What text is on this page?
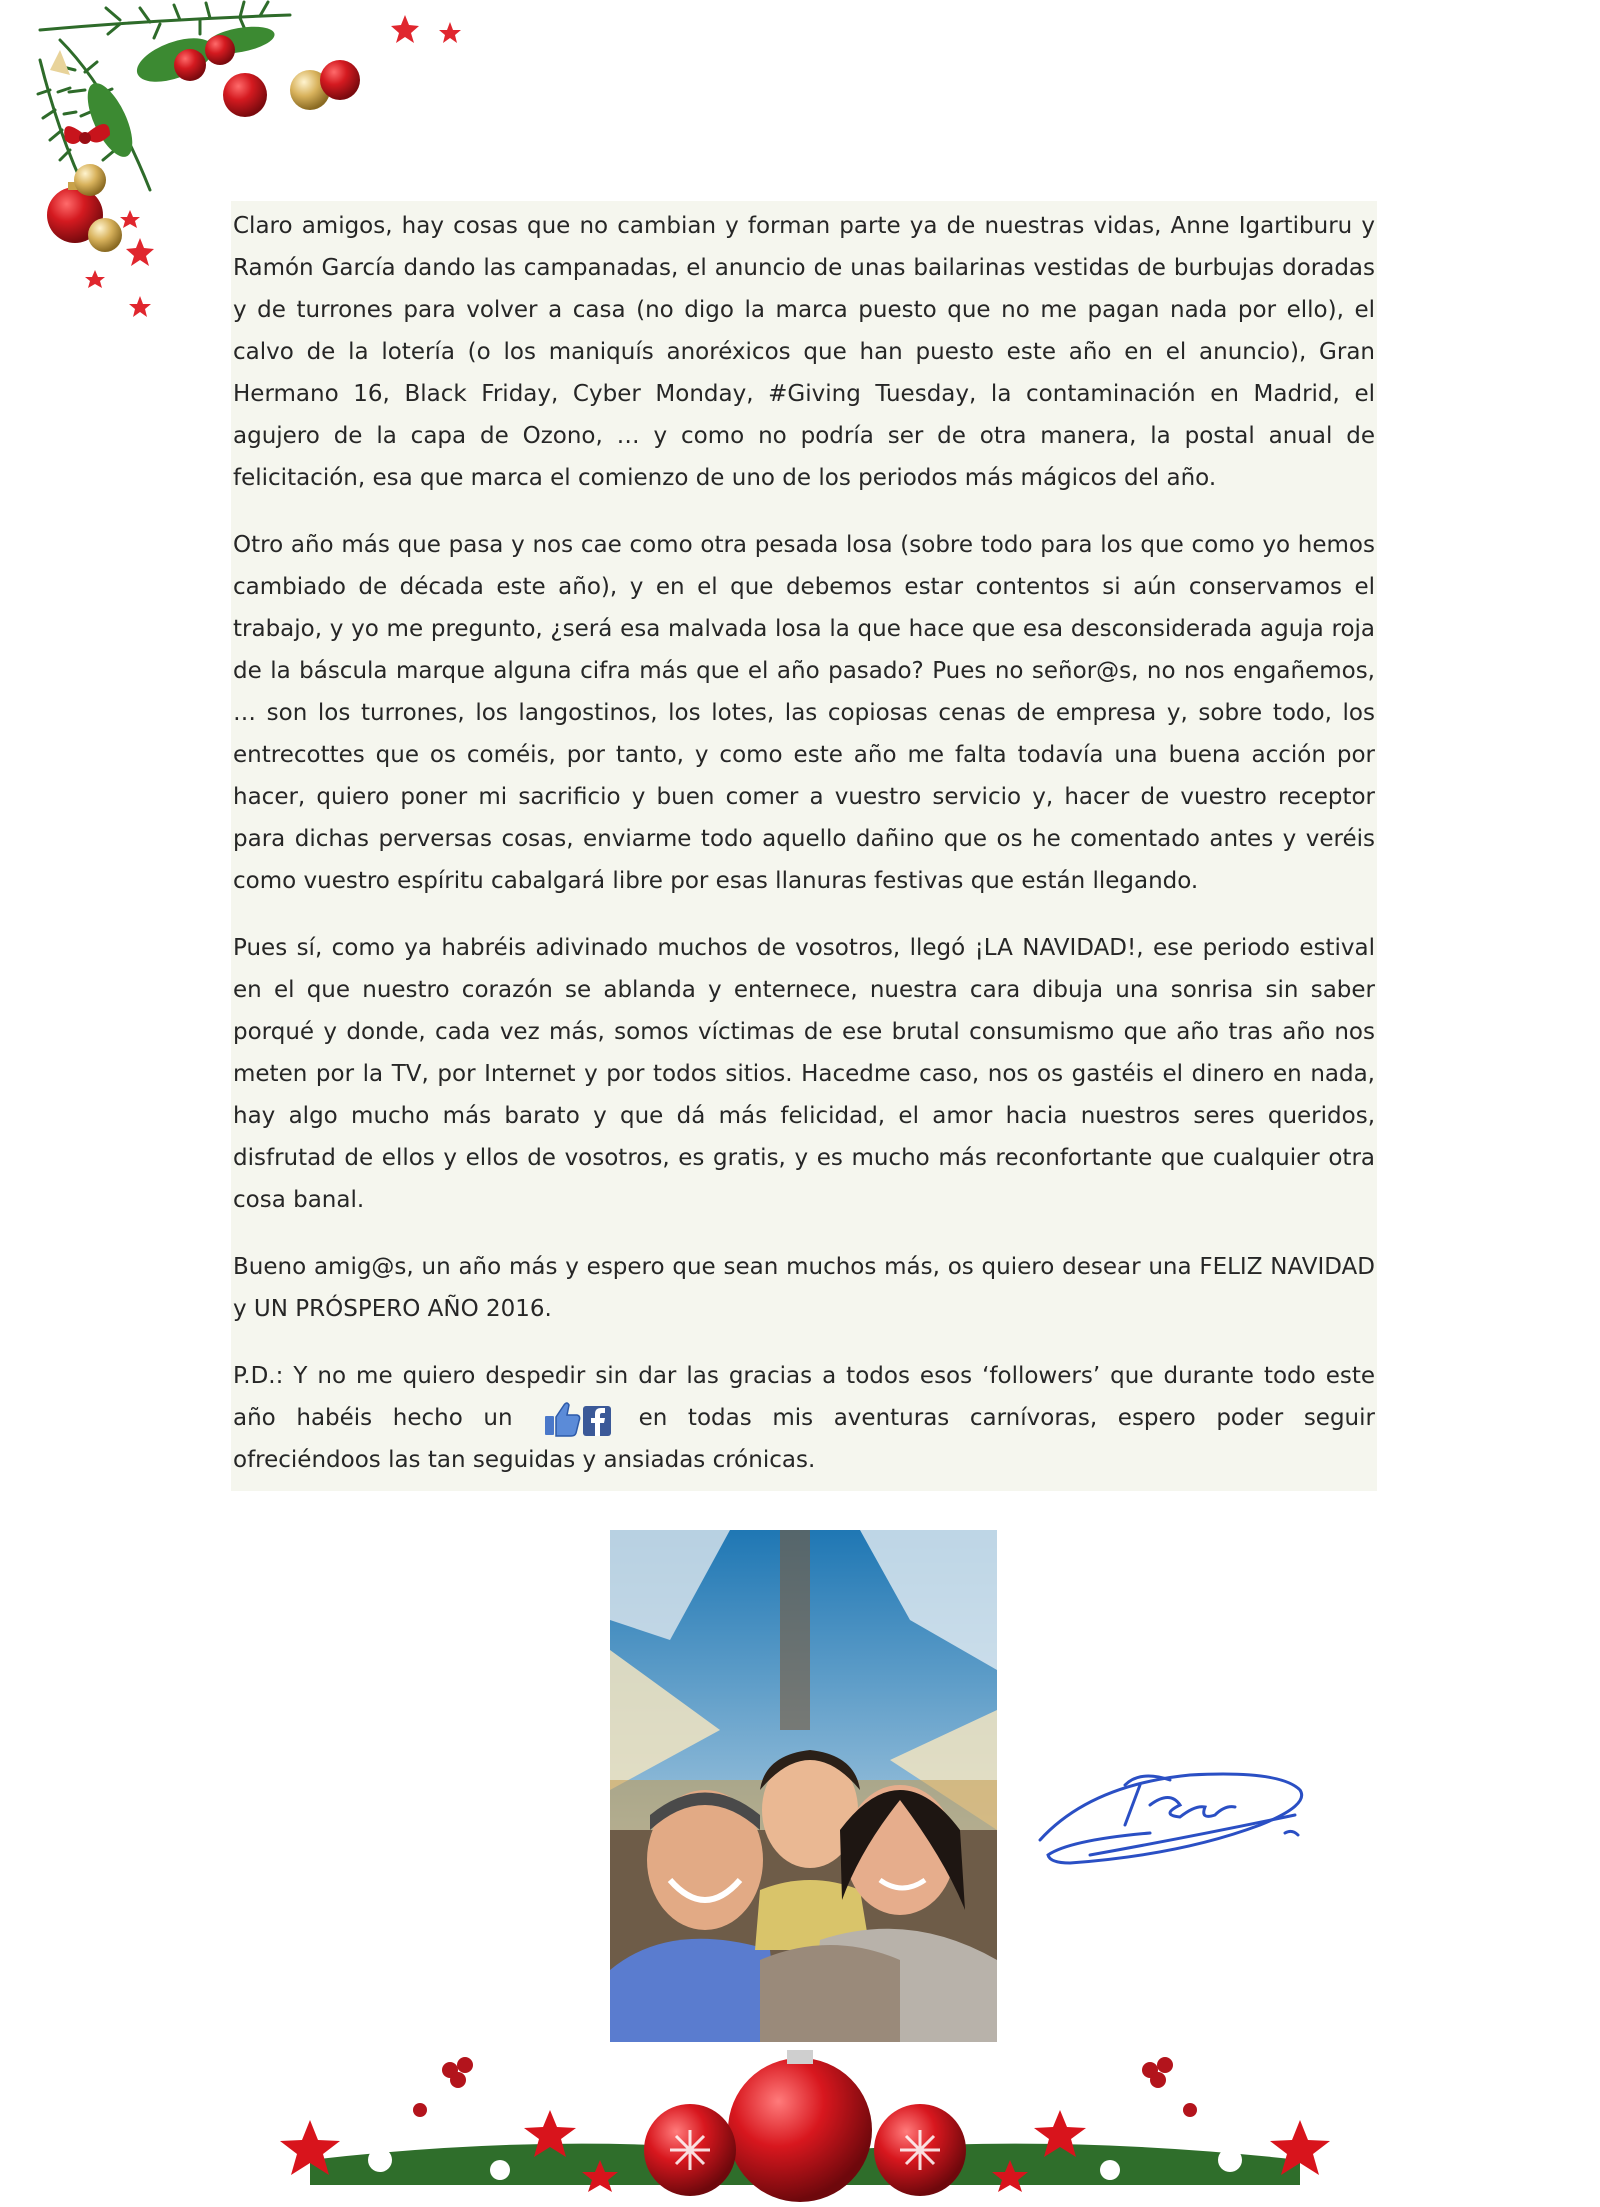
Claro amigos, hay cosas que no cambian y forman parte ya de nuestras vidas, Anne Igartiburu y Ramón García dando las campanadas, el anuncio de unas bailarinas vestidas de burbujas doradas y de turrones para volver a casa (no digo la marca puesto que no me pagan nada por ello), el calvo de la lotería (o los maniquís anoréxicos que han puesto este año en el anuncio), Gran Hermano 16, Black Friday, Cyber Monday, #Giving Tuesday, la contaminación en Madrid, el agujero de la capa de Ozono, … y como no podría ser de otra manera, la postal anual de felicitación, esa que marca el comienzo de uno de los periodos más mágicos del año.

Otro año más que pasa y nos cae como otra pesada losa (sobre todo para los que como yo hemos cambiado de década este año), y en el que debemos estar contentos si aún conservamos el trabajo, y yo me pregunto, ¿será esa malvada losa la que hace que esa desconsiderada aguja roja de la báscula marque alguna cifra más que el año pasado? Pues no señor@s, no nos engañemos, … son los turrones, los langostinos, los lotes, las copiosas cenas de empresa y, sobre todo, los entrecottes que os coméis, por tanto, y como este año me falta todavía una buena acción por hacer, quiero poner mi sacrificio y buen comer a vuestro servicio y, hacer de vuestro receptor para dichas perversas cosas, enviarme todo aquello dañino que os he comentado antes y veréis como vuestro espíritu cabalgará libre por esas llanuras festivas que están llegando.

Pues sí, como ya habréis adivinado muchos de vosotros, llegó ¡LA NAVIDAD!, ese periodo estival en el que nuestro corazón se ablanda y enternece, nuestra cara dibuja una sonrisa sin saber porqué y donde, cada vez más, somos víctimas de ese brutal consumismo que año tras año nos meten por la TV, por Internet y por todos sitios. Hacedme caso, nos os gastéis el dinero en nada, hay algo mucho más barato y que dá más felicidad, el amor hacia nuestros seres queridos, disfrutad de ellos y ellos de vosotros, es gratis, y es mucho más reconfortante que cualquier otra cosa banal.

Bueno amig@s, un año más y espero que sean muchos más, os quiero desear una FELIZ NAVIDAD y UN PRÓSPERO AÑO 2016.

P.D.: Y no me quiero despedir sin dar las gracias a todos esos ‘followers’ que durante todo este año habéis hecho un	en todas mis aventuras carnívoras, espero poder seguir ofreciéndoos las tan seguidas y ansiadas crónicas.
